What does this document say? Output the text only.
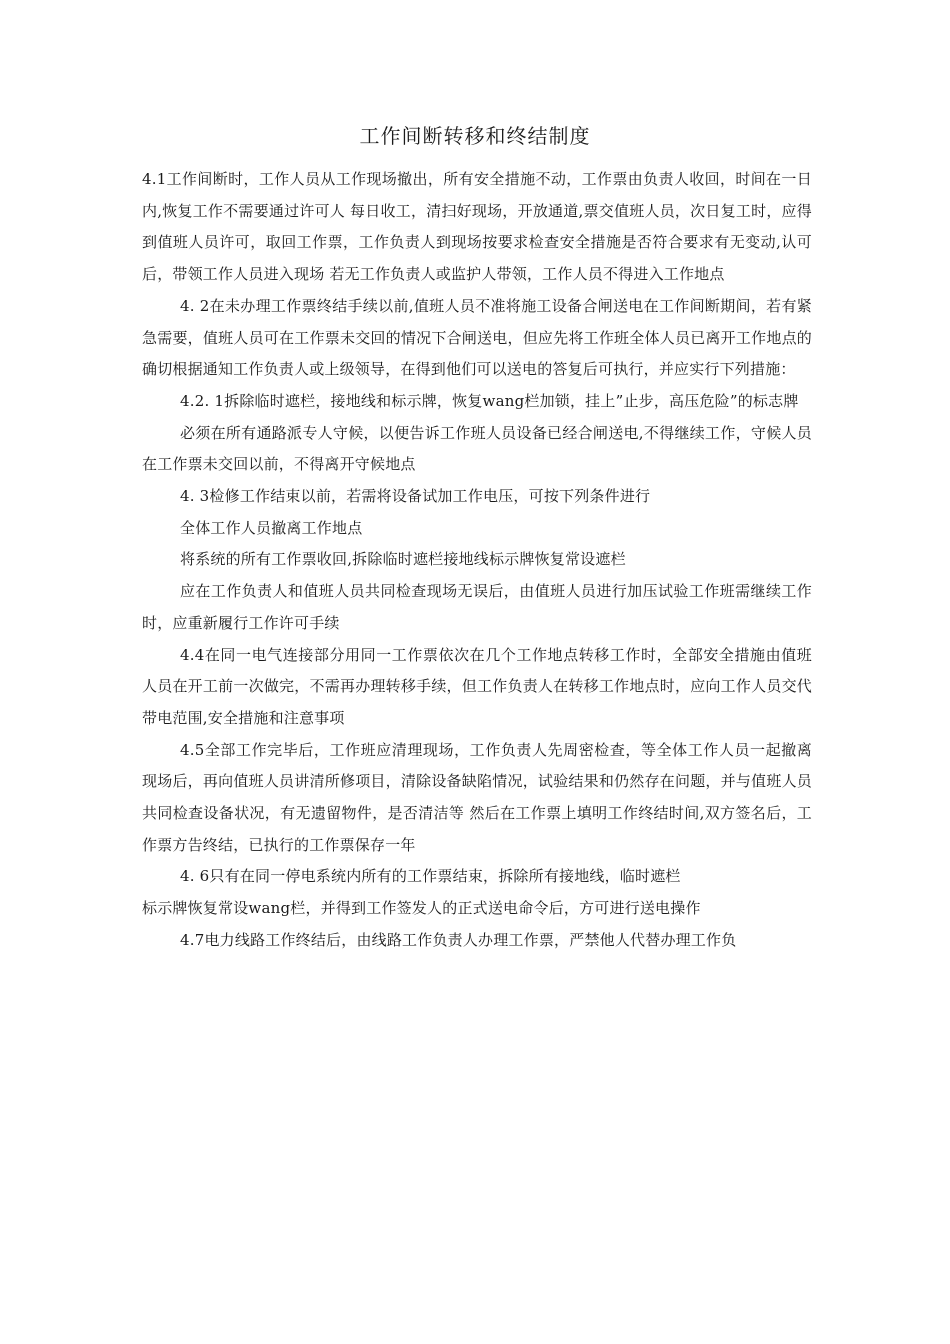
工作间断转移和终结制度

4.1工作间断时，工作人员从工作现场撤出，所有安全措施不动，工作票由负责人收回，时间在一日内,恢复工作不需要通过许可人 每日收工，清扫好现场，开放通道,票交值班人员，次日复工时，应得到值班人员许可，取回工作票，工作负责人到现场按要求检查安全措施是否符合要求有无变动,认可后，带领工作人员进入现场 若无工作负责人或监护人带领，工作人员不得进入工作地点

4. 2在未办理工作票终结手续以前,值班人员不准将施工设备合闸送电在工作间断期间，若有紧急需要，值班人员可在工作票未交回的情况下合闸送电，但应先将工作班全体人员已离开工作地点的确切根据通知工作负责人或上级领导，在得到他们可以送电的答复后可执行，并应实行下列措施：

4.2. 1拆除临时遮栏，接地线和标示牌，恢复wang栏加锁，挂上”止步，高压危险”的标志牌

必须在所有通路派专人守候，以便告诉工作班人员设备已经合闸送电,不得继续工作，守候人员在工作票未交回以前，不得离开守候地点

4. 3检修工作结束以前，若需将设备试加工作电压，可按下列条件进行

全体工作人员撤离工作地点

将系统的所有工作票收回,拆除临时遮栏接地线标示牌恢复常设遮栏

应在工作负责人和值班人员共同检查现场无误后，由值班人员进行加压试验工作班需继续工作时，应重新履行工作许可手续

4.4在同一电气连接部分用同一工作票依次在几个工作地点转移工作时，全部安全措施由值班人员在开工前一次做完，不需再办理转移手续，但工作负责人在转移工作地点时，应向工作人员交代带电范围,安全措施和注意事项

4.5全部工作完毕后，工作班应清理现场，工作负责人先周密检查，等全体工作人员一起撤离现场后，再向值班人员讲清所修项目，清除设备缺陷情况，试验结果和仍然存在问题，并与值班人员共同检查设备状况，有无遗留物件，是否清洁等 然后在工作票上填明工作终结时间,双方签名后，工作票方告终结，已执行的工作票保存一年

4. 6只有在同一停电系统内所有的工作票结束，拆除所有接地线，临时遮栏

标示牌恢复常设wang栏，并得到工作签发人的正式送电命令后，方可进行送电操作

4.7电力线路工作终结后，由线路工作负责人办理工作票，严禁他人代替办理工作负
